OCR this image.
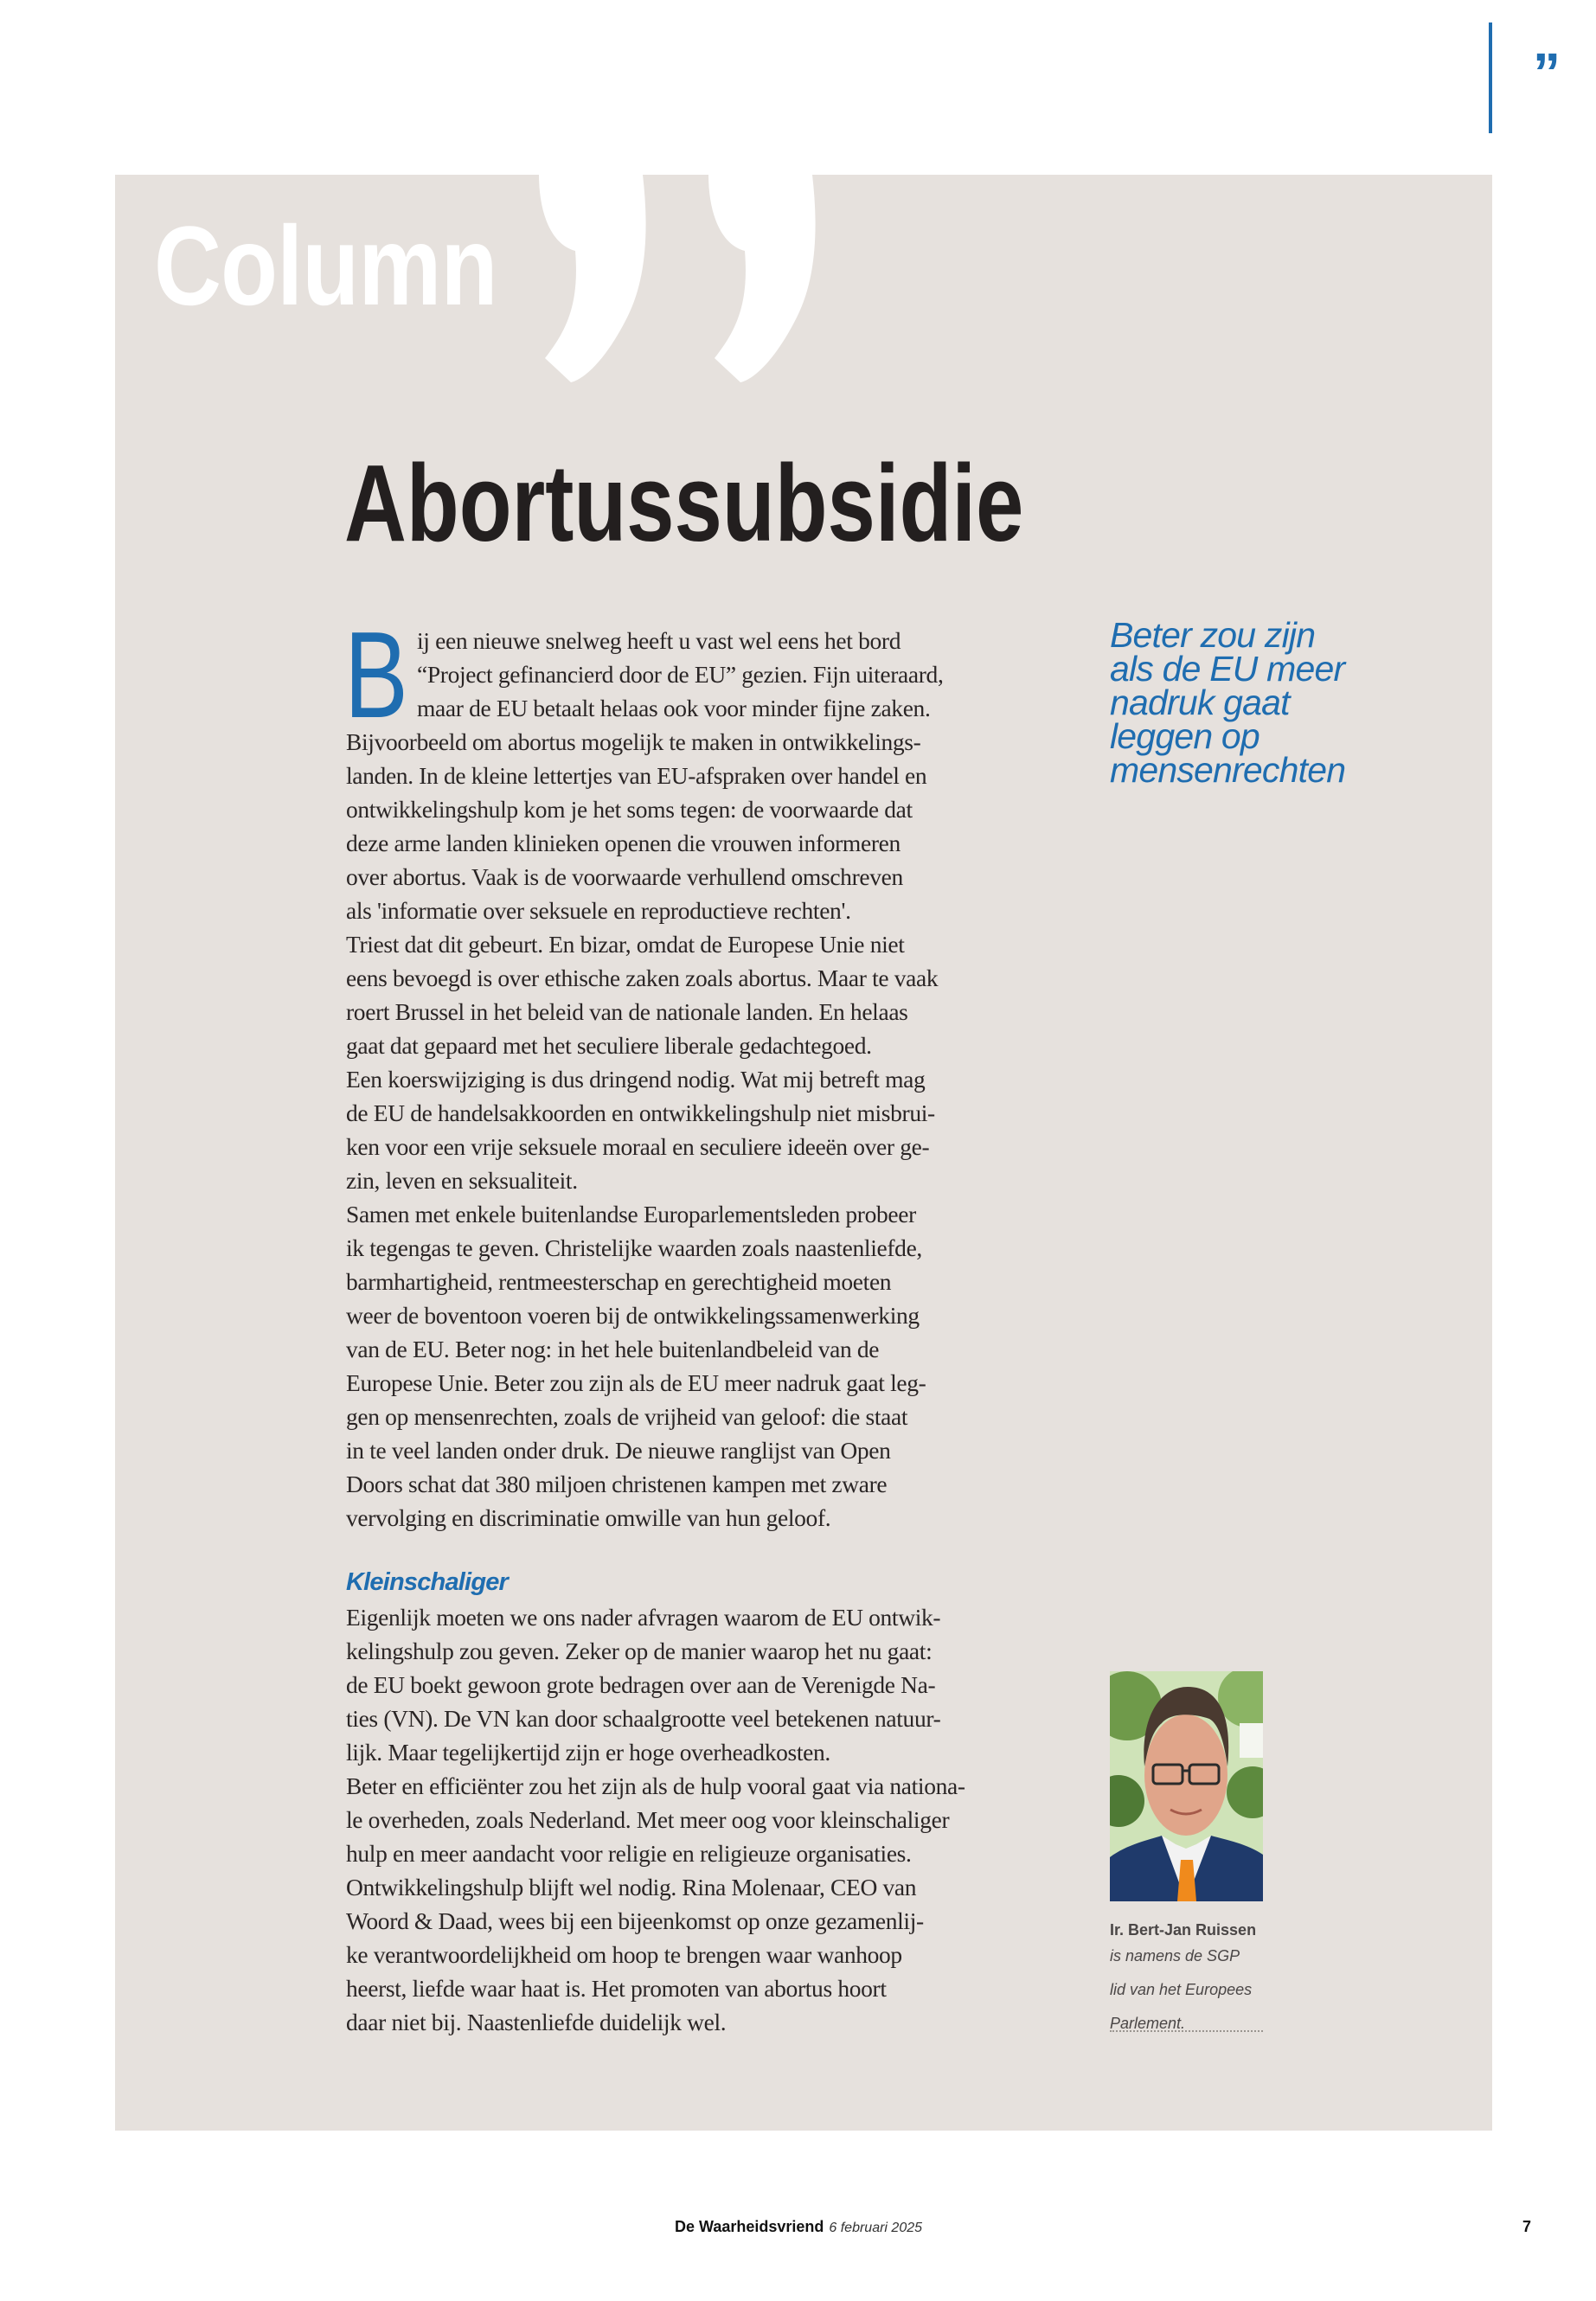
”
Column
Abortussubsidie
B ij een nieuwe snelweg heeft u vast wel eens het bord
“Project gefinancierd door de EU” gezien. Fijn uiteraard,
maar de EU betaalt helaas ook voor minder fijne zaken.
Bijvoorbeeld om abortus mogelijk te maken in ontwikkelings-
landen. In de kleine lettertjes van EU-afspraken over handel en
ontwikkelingshulp kom je het soms tegen: de voorwaarde dat
deze arme landen klinieken openen die vrouwen informeren
over abortus. Vaak is de voorwaarde verhullend omschreven
als 'informatie over seksuele en reproductieve rechten'.
Triest dat dit gebeurt. En bizar, omdat de Europese Unie niet
eens bevoegd is over ethische zaken zoals abortus. Maar te vaak
roert Brussel in het beleid van de nationale landen. En helaas
gaat dat gepaard met het seculiere liberale gedachtegoed.
Een koerswijziging is dus dringend nodig. Wat mij betreft mag
de EU de handelsakkoorden en ontwikkelingshulp niet misbrui-
ken voor een vrije seksuele moraal en seculiere ideeën over ge-
zin, leven en seksualiteit.
Samen met enkele buitenlandse Europarlementsleden probeer
ik tegengas te geven. Christelijke waarden zoals naastenliefde,
barmhartigheid, rentmeesterschap en gerechtigheid moeten
weer de boventoon voeren bij de ontwikkelingssamenwerking
van de EU. Beter nog: in het hele buitenlandbeleid van de
Europese Unie. Beter zou zijn als de EU meer nadruk gaat leg-
gen op mensenrechten, zoals de vrijheid van geloof: die staat
in te veel landen onder druk. De nieuwe ranglijst van Open
Doors schat dat 380 miljoen christenen kampen met zware
vervolging en discriminatie omwille van hun geloof.
Kleinschaliger
Eigenlijk moeten we ons nader afvragen waarom de EU ontwik-
kelingshulp zou geven. Zeker op de manier waarop het nu gaat:
de EU boekt gewoon grote bedragen over aan de Verenigde Na-
ties (VN). De VN kan door schaalgrootte veel betekenen natuur-
lijk. Maar tegelijkertijd zijn er hoge overheadkosten.
Beter en efficiënter zou het zijn als de hulp vooral gaat via nationa-
le overheden, zoals Nederland. Met meer oog voor kleinschaliger
hulp en meer aandacht voor religie en religieuze organisaties.
Ontwikkelingshulp blijft wel nodig. Rina Molenaar, CEO van
Woord & Daad, wees bij een bijeenkomst op onze gezamenlij-
ke verantwoordelijkheid om hoop te brengen waar wanhoop
heerst, liefde waar haat is. Het promoten van abortus hoort
daar niet bij. Naastenliefde duidelijk wel.
Beter zou zijn
als de EU meer
nadruk gaat
leggen op
mensenrechten
Ir. Bert-Jan Ruissen
is namens de SGP
lid van het Europees
Parlement.
De Waarheidsvriend 6 februari 2025	7
